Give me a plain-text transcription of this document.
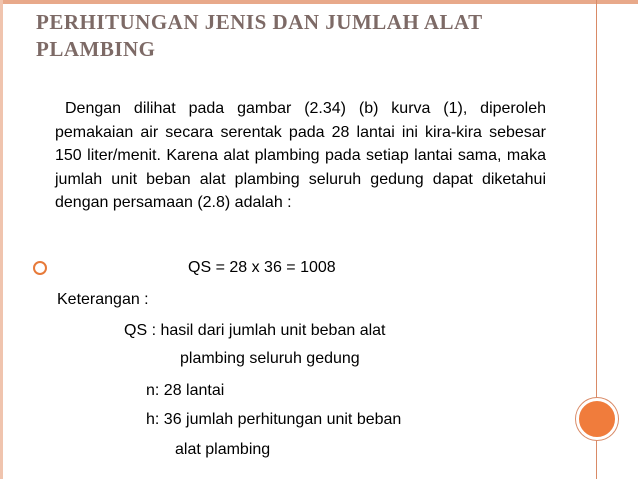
PERHITUNGAN JENIS DAN JUMLAH ALAT PLAMBING

Dengan dilihat pada gambar (2.34) (b) kurva (1), diperoleh pemakaian air secara serentak pada 28 lantai ini kira-kira sebesar 150 liter/menit. Karena alat plambing pada setiap lantai sama, maka jumlah unit beban alat plambing seluruh gedung dapat diketahui dengan persamaan (2.8) adalah :

QS = 28 x 36 = 1008

Keterangan :

QS : hasil dari jumlah unit beban alat

plambing seluruh gedung

n: 28 lantai

h: 36 jumlah perhitungan unit beban

alat plambing
